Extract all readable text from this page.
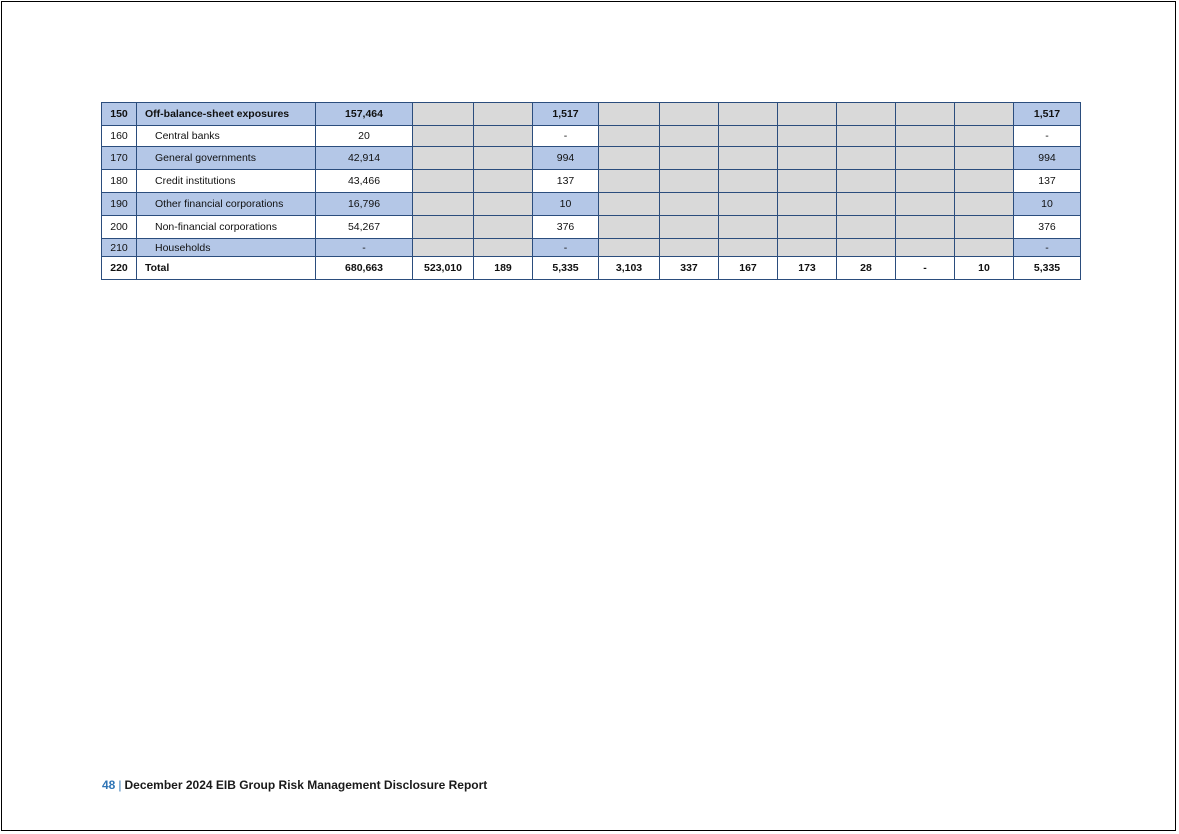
150	Off-balance-sheet exposures	157,464			1,517								1,517
160	Central banks	20			-								-
170	General governments	42,914			994								994
180	Credit institutions	43,466			137								137
190	Other financial corporations	16,796			10								10
200	Non-financial corporations	54,267			376								376
210	Households	-			-								-
220	Total	680,663	523,010	189	5,335	3,103	337	167	173	28	-	10	5,335
48 | December 2024 EIB Group Risk Management Disclosure Report
